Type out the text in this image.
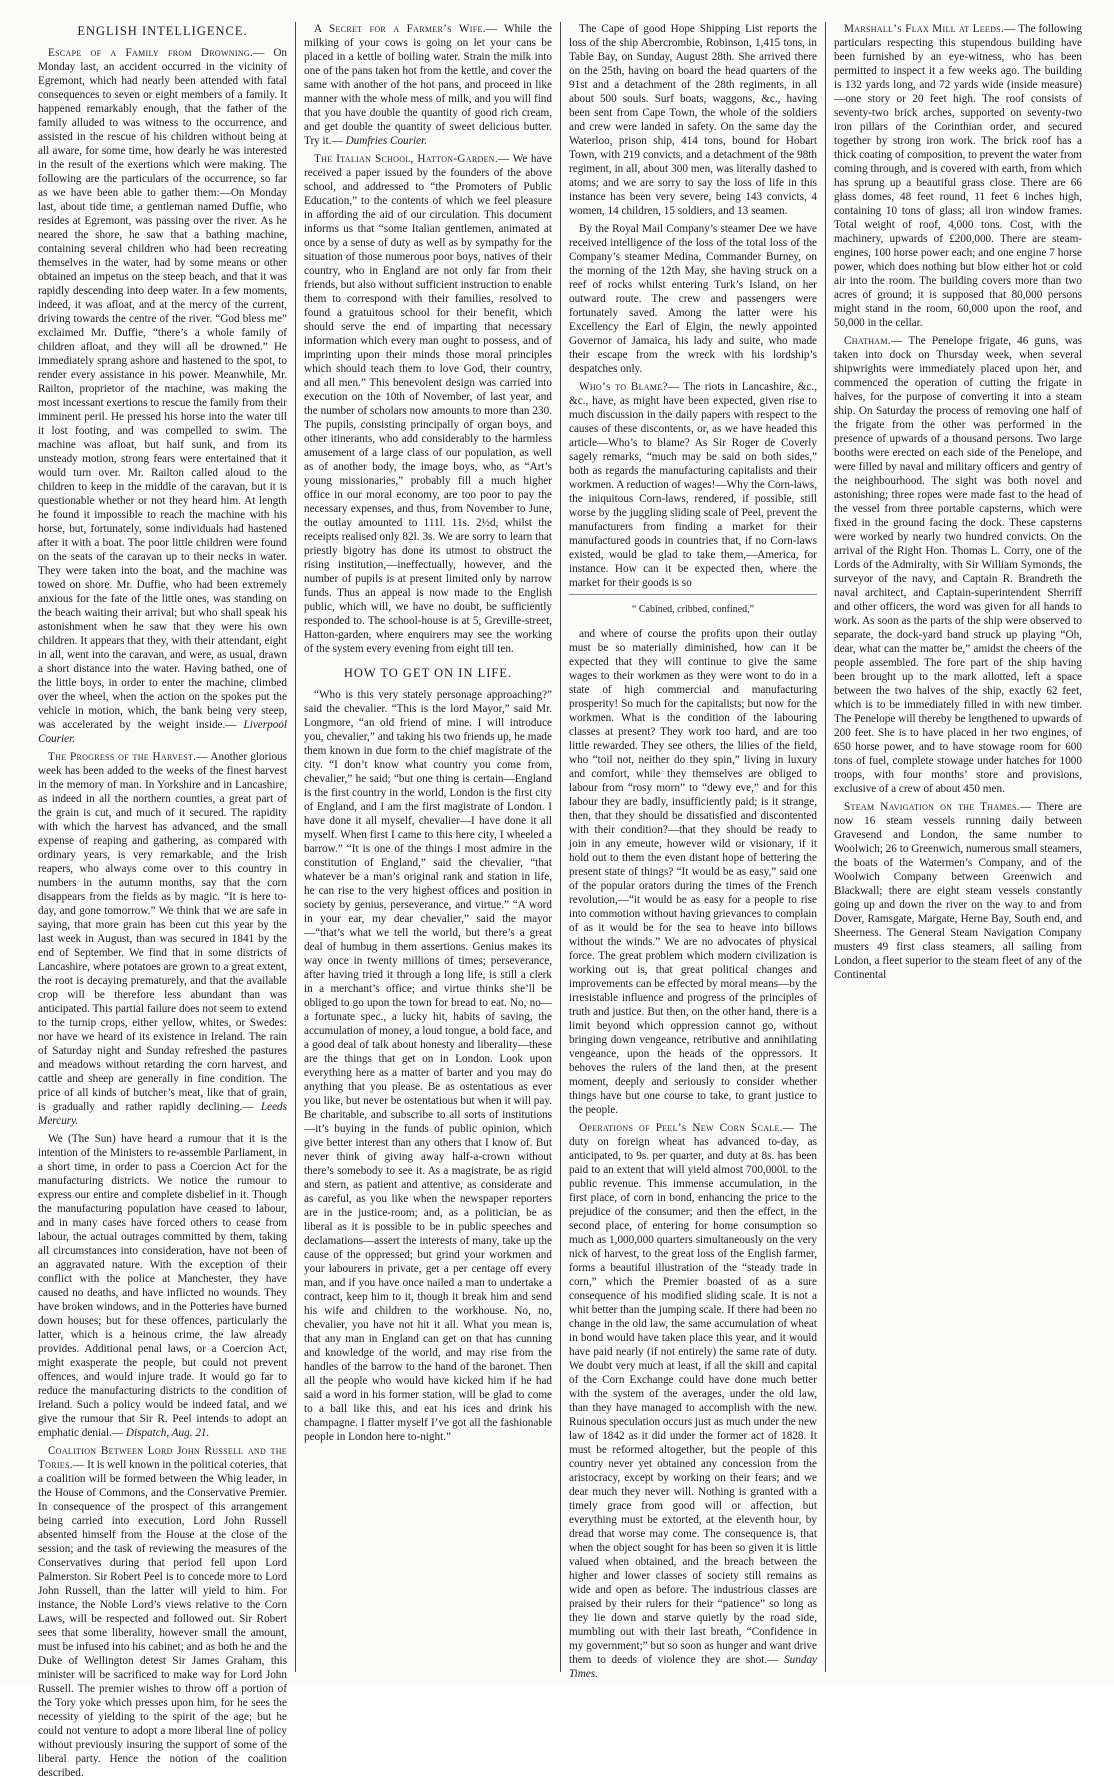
ENGLISH INTELLIGENCE.
Escape of a Family from Drowning.— On Monday last, an accident occurred in the vicinity of Egremont, which had nearly been attended with fatal consequences to seven or eight members of a family. It happened remarkably enough, that the father of the family alluded to was witness to the occurrence, and assisted in the rescue of his children without being at all aware, for some time, how dearly he was interested in the result of the exertions which were making. The following are the particulars of the occurrence, so far as we have been able to gather them:—On Monday last, about tide time, a gentleman named Duffie, who resides at Egremont, was passing over the river. As he neared the shore, he saw that a bathing machine, containing several children who had been recreating themselves in the water, had by some means or other obtained an impetus on the steep beach, and that it was rapidly descending into deep water. In a few moments, indeed, it was afloat, and at the mercy of the current, driving towards the centre of the river. “God bless me” exclaimed Mr. Duffie, “there’s a whole family of children afloat, and they will all be drowned.” He immediately sprang ashore and hastened to the spot, to render every assistance in his power. Meanwhile, Mr. Railton, proprietor of the machine, was making the most incessant exertions to rescue the family from their imminent peril. He pressed his horse into the water till it lost footing, and was compelled to swim. The machine was afloat, but half sunk, and from its unsteady motion, strong fears were entertained that it would turn over. Mr. Railton called aloud to the children to keep in the middle of the caravan, but it is questionable whether or not they heard him. At length he found it impossible to reach the machine with his horse, but, fortunately, some individuals had hastened after it with a boat. The poor little children were found on the seats of the caravan up to their necks in water. They were taken into the boat, and the machine was towed on shore. Mr. Duffie, who had been extremely anxious for the fate of the little ones, was standing on the beach waiting their arrival; but who shall speak his astonishment when he saw that they were his own children. It appears that they, with their attendant, eight in all, went into the caravan, and were, as usual, drawn a short distance into the water. Having bathed, one of the little boys, in order to enter the machine, climbed over the wheel, when the action on the spokes put the vehicle in motion, which, the bank being very steep, was accelerated by the weight inside.— Liverpool Courier.
The Progress of the Harvest.— Another glorious week has been added to the weeks of the finest harvest in the memory of man. In Yorkshire and in Lancashire, as indeed in all the northern counties, a great part of the grain is cut, and much of it secured. The rapidity with which the harvest has advanced, and the small expense of reaping and gathering, as compared with ordinary years, is very remarkable, and the Irish reapers, who always come over to this country in numbers in the autumn months, say that the corn disappears from the fields as by magic. “It is here to-day, and gone tomorrow.” We think that we are safe in saying, that more grain has been cut this year by the last week in August, than was secured in 1841 by the end of September. We find that in some districts of Lancashire, where potatoes are grown to a great extent, the root is decaying prematurely, and that the available crop will be therefore less abundant than was anticipated. This partial failure does not seem to extend to the turnip crops, either yellow, whites, or Swedes: nor have we heard of its existence in Ireland. The rain of Saturday night and Sunday refreshed the pastures and meadows without retarding the corn harvest, and cattle and sheep are generally in fine condition. The price of all kinds of butcher’s meat, like that of grain, is gradually and rather rapidly declining.— Leeds Mercury.
We (The Sun) have heard a rumour that it is the intention of the Ministers to re-assemble Parliament, in a short time, in order to pass a Coercion Act for the manufacturing districts. We notice the rumour to express our entire and complete disbelief in it. Though the manufacturing population have ceased to labour, and in many cases have forced others to cease from labour, the actual outrages committed by them, taking all circumstances into consideration, have not been of an aggravated nature. With the exception of their conflict with the police at Manchester, they have caused no deaths, and have inflicted no wounds. They have broken windows, and in the Potteries have burned down houses; but for these offences, particularly the latter, which is a heinous crime, the law already provides. Additional penal laws, or a Coercion Act, might exasperate the people, but could not prevent offences, and would injure trade. It would go far to reduce the manufacturing districts to the condition of Ireland. Such a policy would be indeed fatal, and we give the rumour that Sir R. Peel intends to adopt an emphatic denial.— Dispatch, Aug. 21.
Coalition Between Lord John Russell and the Tories.— It is well known in the political coteries, that a coalition will be formed between the Whig leader, in the House of Commons, and the Conservative Premier. In consequence of the prospect of this arrangement being carried into execution, Lord John Russell absented himself from the House at the close of the session; and the task of reviewing the measures of the Conservatives during that period fell upon Lord Palmerston. Sir Robert Peel is to concede more to Lord John Russell, than the latter will yield to him. For instance, the Noble Lord’s views relative to the Corn Laws, will be respected and followed out. Sir Robert sees that some liberality, however small the amount, must be infused into his cabinet; and as both he and the Duke of Wellington detest Sir James Graham, this minister will be sacrificed to make way for Lord John Russell. The premier wishes to throw off a portion of the Tory yoke which presses upon him, for he sees the necessity of yielding to the spirit of the age; but he could not venture to adopt a more liberal line of policy without previously insuring the support of some of the liberal party. Hence the notion of the coalition described.
A Secret for a Farmer’s Wife.— While the milking of your cows is going on let your cans be placed in a kettle of boiling water. Strain the milk into one of the pans taken hot from the kettle, and cover the same with another of the hot pans, and proceed in like manner with the whole mess of milk, and you will find that you have double the quantity of good rich cream, and get double the quantity of sweet delicious butter. Try it.— Dumfries Courier.
The Italian School, Hatton-Garden.— We have received a paper issued by the founders of the above school, and addressed to “the Promoters of Public Education,” to the contents of which we feel pleasure in affording the aid of our circulation. This document informs us that “some Italian gentlemen, animated at once by a sense of duty as well as by sympathy for the situation of those numerous poor boys, natives of their country, who in England are not only far from their friends, but also without sufficient instruction to enable them to correspond with their families, resolved to found a gratuitous school for their benefit, which should serve the end of imparting that necessary information which every man ought to possess, and of imprinting upon their minds those moral principles which should teach them to love God, their country, and all men.” This benevolent design was carried into execution on the 10th of November, of last year, and the number of scholars now amounts to more than 230. The pupils, consisting principally of organ boys, and other itinerants, who add considerably to the harmless amusement of a large class of our population, as well as of another body, the image boys, who, as “Art’s young missionaries,” probably fill a much higher office in our moral economy, are too poor to pay the necessary expenses, and thus, from November to June, the outlay amounted to 111l. 11s. 2½d, whilst the receipts realised only 82l. 3s. We are sorry to learn that priestly bigotry has done its utmost to obstruct the rising institution,—ineffectually, however, and the number of pupils is at present limited only by narrow funds. Thus an appeal is now made to the English public, which will, we have no doubt, be sufficiently responded to. The school-house is at 5, Greville-street, Hatton-garden, where enquirers may see the working of the system every evening from eight till ten.
HOW TO GET ON IN LIFE.
“Who is this very stately personage approaching?” said the chevalier. “This is the lord Mayor,” said Mr. Longmore, “an old friend of mine. I will introduce you, chevalier,” and taking his two friends up, he made them known in due form to the chief magistrate of the city. “I don’t know what country you come from, chevalier,” he said; “but one thing is certain—England is the first country in the world, London is the first city of England, and I am the first magistrate of London. I have done it all myself, chevalier—I have done it all myself. When first I came to this here city, I wheeled a barrow.” “It is one of the things I most admire in the constitution of England,” said the chevalier, “that whatever be a man’s original rank and station in life, he can rise to the very highest offices and position in society by genius, perseverance, and virtue.” “A word in your ear, my dear chevalier,” said the mayor—“that’s what we tell the world, but there’s a great deal of humbug in them assertions. Genius makes its way once in twenty millions of times; perseverance, after having tried it through a long life, is still a clerk in a merchant’s office; and virtue thinks she’ll be obliged to go upon the town for bread to eat. No, no—a fortunate spec., a lucky hit, habits of saving, the accumulation of money, a loud tongue, a bold face, and a good deal of talk about honesty and liberality—these are the things that get on in London. Look upon everything here as a matter of barter and you may do anything that you please. Be as ostentatious as ever you like, but never be ostentatious but when it will pay. Be charitable, and subscribe to all sorts of institutions—it’s buying in the funds of public opinion, which give better interest than any others that I know of. But never think of giving away half-a-crown without there’s somebody to see it. As a magistrate, be as rigid and stern, as patient and attentive, as considerate and as careful, as you like when the newspaper reporters are in the justice-room; and, as a politician, be as liberal as it is possible to be in public speeches and declamations—assert the interests of many, take up the cause of the oppressed; but grind your workmen and your labourers in private, get a per centage off every man, and if you have once nailed a man to undertake a contract, keep him to it, though it break him and send his wife and children to the workhouse. No, no, chevalier, you have not hit it all. What you mean is, that any man in England can get on that has cunning and knowledge of the world, and may rise from the handles of the barrow to the hand of the baronet. Then all the people who would have kicked him if he had said a word in his former station, will be glad to come to a ball like this, and eat his ices and drink his champagne. I flatter myself I’ve got all the fashionable people in London here to-night.”
The Cape of good Hope Shipping List reports the loss of the ship Abercrombie, Robinson, 1,415 tons, in Table Bay, on Sunday, August 28th. She arrived there on the 25th, having on board the head quarters of the 91st and a detachment of the 28th regiments, in all about 500 souls. Surf boats, waggons, &c., having been sent from Cape Town, the whole of the soldiers and crew were landed in safety. On the same day the Waterloo, prison ship, 414 tons, bound for Hobart Town, with 219 convicts, and a detachment of the 98th regiment, in all, about 300 men, was literally dashed to atoms; and we are sorry to say the loss of life in this instance has been very severe, being 143 convicts, 4 women, 14 children, 15 soldiers, and 13 seamen.
By the Royal Mail Company’s steamer Dee we have received intelligence of the loss of the total loss of the Company’s steamer Medina, Commander Burney, on the morning of the 12th May, she having struck on a reef of rocks whilst entering Turk’s Island, on her outward route. The crew and passengers were fortunately saved. Among the latter were his Excellency the Earl of Elgin, the newly appointed Governor of Jamaica, his lady and suite, who made their escape from the wreck with his lordship’s despatches only.
Who’s to Blame?— The riots in Lancashire, &c., &c., have, as might have been expected, given rise to much discussion in the daily papers with respect to the causes of these discontents, or, as we have headed this article—Who’s to blame? As Sir Roger de Coverly sagely remarks, “much may be said on both sides,” both as regards the manufacturing capitalists and their workmen. A reduction of wages!—Why the Corn-laws, the iniquitous Corn-laws, rendered, if possible, still worse by the juggling sliding scale of Peel, prevent the manufacturers from finding a market for their manufactured goods in countries that, if no Corn-laws existed, would be glad to take them,—America, for instance. How can it be expected then, where the market for their goods is so
“ Cabined, cribbed, confined,”
and where of course the profits upon their outlay must be so materially diminished, how can it be expected that they will continue to give the same wages to their workmen as they were wont to do in a state of high commercial and manufacturing prosperity! So much for the capitalists; but now for the workmen. What is the condition of the labouring classes at present? They work too hard, and are too little rewarded. They see others, the lilies of the field, who “toil not, neither do they spin,” living in luxury and comfort, while they themselves are obliged to labour from “rosy morn” to “dewy eve,” and for this labour they are badly, insufficiently paid; is it strange, then, that they should be dissatisfied and discontented with their condition?—that they should be ready to join in any emeute, however wild or visionary, if it hold out to them the even distant hope of bettering the present state of things? “It would be as easy,” said one of the popular orators during the times of the French revolution,—“it would be as easy for a people to rise into commotion without having grievances to complain of as it would be for the sea to heave into billows without the winds.” We are no advocates of physical force. The great problem which modern civilization is working out is, that great political changes and improvements can be effected by moral means—by the irresistable influence and progress of the principles of truth and justice. But then, on the other hand, there is a limit beyond which oppression cannot go, without bringing down vengeance, retributive and annihilating vengeance, upon the heads of the oppressors. It behoves the rulers of the land then, at the present moment, deeply and seriously to consider whether things have but one course to take, to grant justice to the people.
Operations of Peel’s New Corn Scale.— The duty on foreign wheat has advanced to-day, as anticipated, to 9s. per quarter, and duty at 8s. has been paid to an extent that will yield almost 700,000l. to the public revenue. This immense accumulation, in the first place, of corn in bond, enhancing the price to the prejudice of the consumer; and then the effect, in the second place, of entering for home consumption so much as 1,000,000 quarters simultaneously on the very nick of harvest, to the great loss of the English farmer, forms a beautiful illustration of the “steady trade in corn,” which the Premier boasted of as a sure consequence of his modified sliding scale. It is not a whit better than the jumping scale. If there had been no change in the old law, the same accumulation of wheat in bond would have taken place this year, and it would have paid nearly (if not entirely) the same rate of duty. We doubt very much at least, if all the skill and capital of the Corn Exchange could have done much better with the system of the averages, under the old law, than they have managed to accomplish with the new. Ruinous speculation occurs just as much under the new law of 1842 as it did under the former act of 1828. It must be reformed altogether, but the people of this country never yet obtained any concession from the aristocracy, except by working on their fears; and we dear much they never will. Nothing is granted with a timely grace from good will or affection, but everything must be extorted, at the eleventh hour, by dread that worse may come. The consequence is, that when the object sought for has been so given it is little valued when obtained, and the breach between the higher and lower classes of society still remains as wide and open as before. The industrious classes are praised by their rulers for their “patience” so long as they lie down and starve quietly by the road side, mumbling out with their last breath, “Confidence in my government;” but so soon as hunger and want drive them to deeds of violence they are shot.— Sunday Times.
Marshall’s Flax Mill at Leeds.— The following particulars respecting this stupendous building have been furnished by an eye-witness, who has been permitted to inspect it a few weeks ago. The building is 132 yards long, and 72 yards wide (inside measure)—one story or 20 feet high. The roof consists of seventy-two brick arches, supported on seventy-two iron pillars of the Corinthian order, and secured together by strong iron work. The brick roof has a thick coating of composition, to prevent the water from coming through, and is covered with earth, from which has sprung up a beautiful grass close. There are 66 glass domes, 48 feet round, 11 feet 6 inches high, containing 10 tons of glass; all iron window frames. Total weight of roof, 4,000 tons. Cost, with the machinery, upwards of £200,000. There are steam-engines, 100 horse power each; and one engine 7 horse power, which does nothing but blow either hot or cold air into the room. The building covers more than two acres of ground; it is supposed that 80,000 persons might stand in the room, 60,000 upon the roof, and 50,000 in the cellar.
Chatham.— The Penelope frigate, 46 guns, was taken into dock on Thursday week, when several shipwrights were immediately placed upon her, and commenced the operation of cutting the frigate in halves, for the purpose of converting it into a steam ship. On Saturday the process of removing one half of the frigate from the other was performed in the presence of upwards of a thousand persons. Two large booths were erected on each side of the Penelope, and were filled by naval and military officers and gentry of the neighbourhood. The sight was both novel and astonishing; three ropes were made fast to the head of the vessel from three portable capsterns, which were fixed in the ground facing the dock. These capsterns were worked by nearly two hundred convicts. On the arrival of the Right Hon. Thomas L. Corry, one of the Lords of the Admiralty, with Sir William Symonds, the surveyor of the navy, and Captain R. Brandreth the naval architect, and Captain-superintendent Sherriff and other officers, the word was given for all hands to work. As soon as the parts of the ship were observed to separate, the dock-yard band struck up playing “Oh, dear, what can the matter be,” amidst the cheers of the people assembled. The fore part of the ship having been brought up to the mark allotted, left a space between the two halves of the ship, exactly 62 feet, which is to be immediately filled in with new timber. The Penelope will thereby be lengthened to upwards of 200 feet. She is to have placed in her two engines, of 650 horse power, and to have stowage room for 600 tons of fuel, complete stowage under hatches for 1000 troops, with four months’ store and provisions, exclusive of a crew of about 450 men.
Steam Navigation on the Thames.— There are now 16 steam vessels running daily between Gravesend and London, the same number to Woolwich; 26 to Greenwich, numerous small steamers, the boats of the Watermen’s Company, and of the Woolwich Company between Greenwich and Blackwall; there are eight steam vessels constantly going up and down the river on the way to and from Dover, Ramsgate, Margate, Herne Bay, South end, and Sheerness. The General Steam Navigation Company musters 49 first class steamers, all sailing from London, a fleet superior to the steam fleet of any of the Continental
